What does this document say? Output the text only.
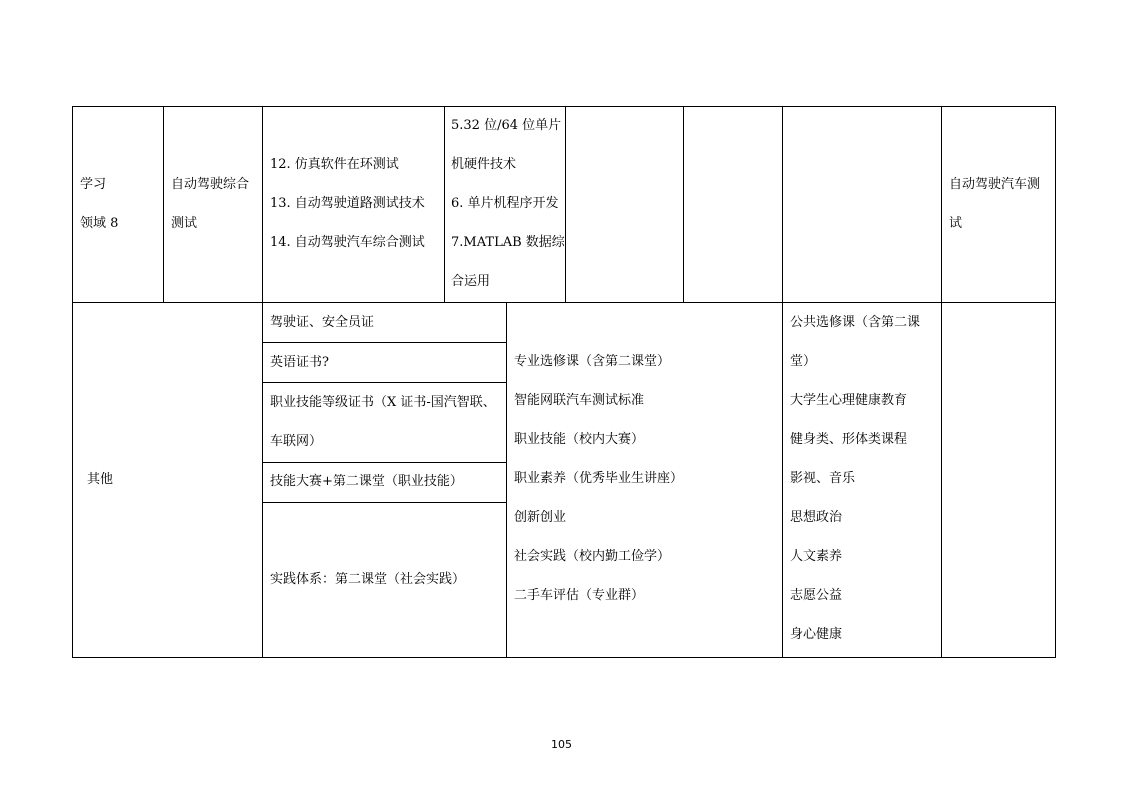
学习
领域 8
自动驾驶综合
测试
12. 仿真软件在环测试
13. 自动驾驶道路测试技术
14. 自动驾驶汽车综合测试
5.32 位/64 位单片
机硬件技术
6. 单片机程序开发
7.MATLAB 数据综
合运用
自动驾驶汽车测
试
其他
驾驶证、安全员证
英语证书?
职业技能等级证书（X 证书-国汽智联、
车联网）
技能大赛+第二课堂（职业技能）
实践体系：第二课堂（社会实践）
专业选修课（含第二课堂）
智能网联汽车测试标准
职业技能（校内大赛）
职业素养（优秀毕业生讲座）
创新创业
社会实践（校内勤工俭学）
二手车评估（专业群）
公共选修课（含第二课
堂）
大学生心理健康教育
健身类、形体类课程
影视、音乐
思想政治
人文素养
志愿公益
身心健康
105
